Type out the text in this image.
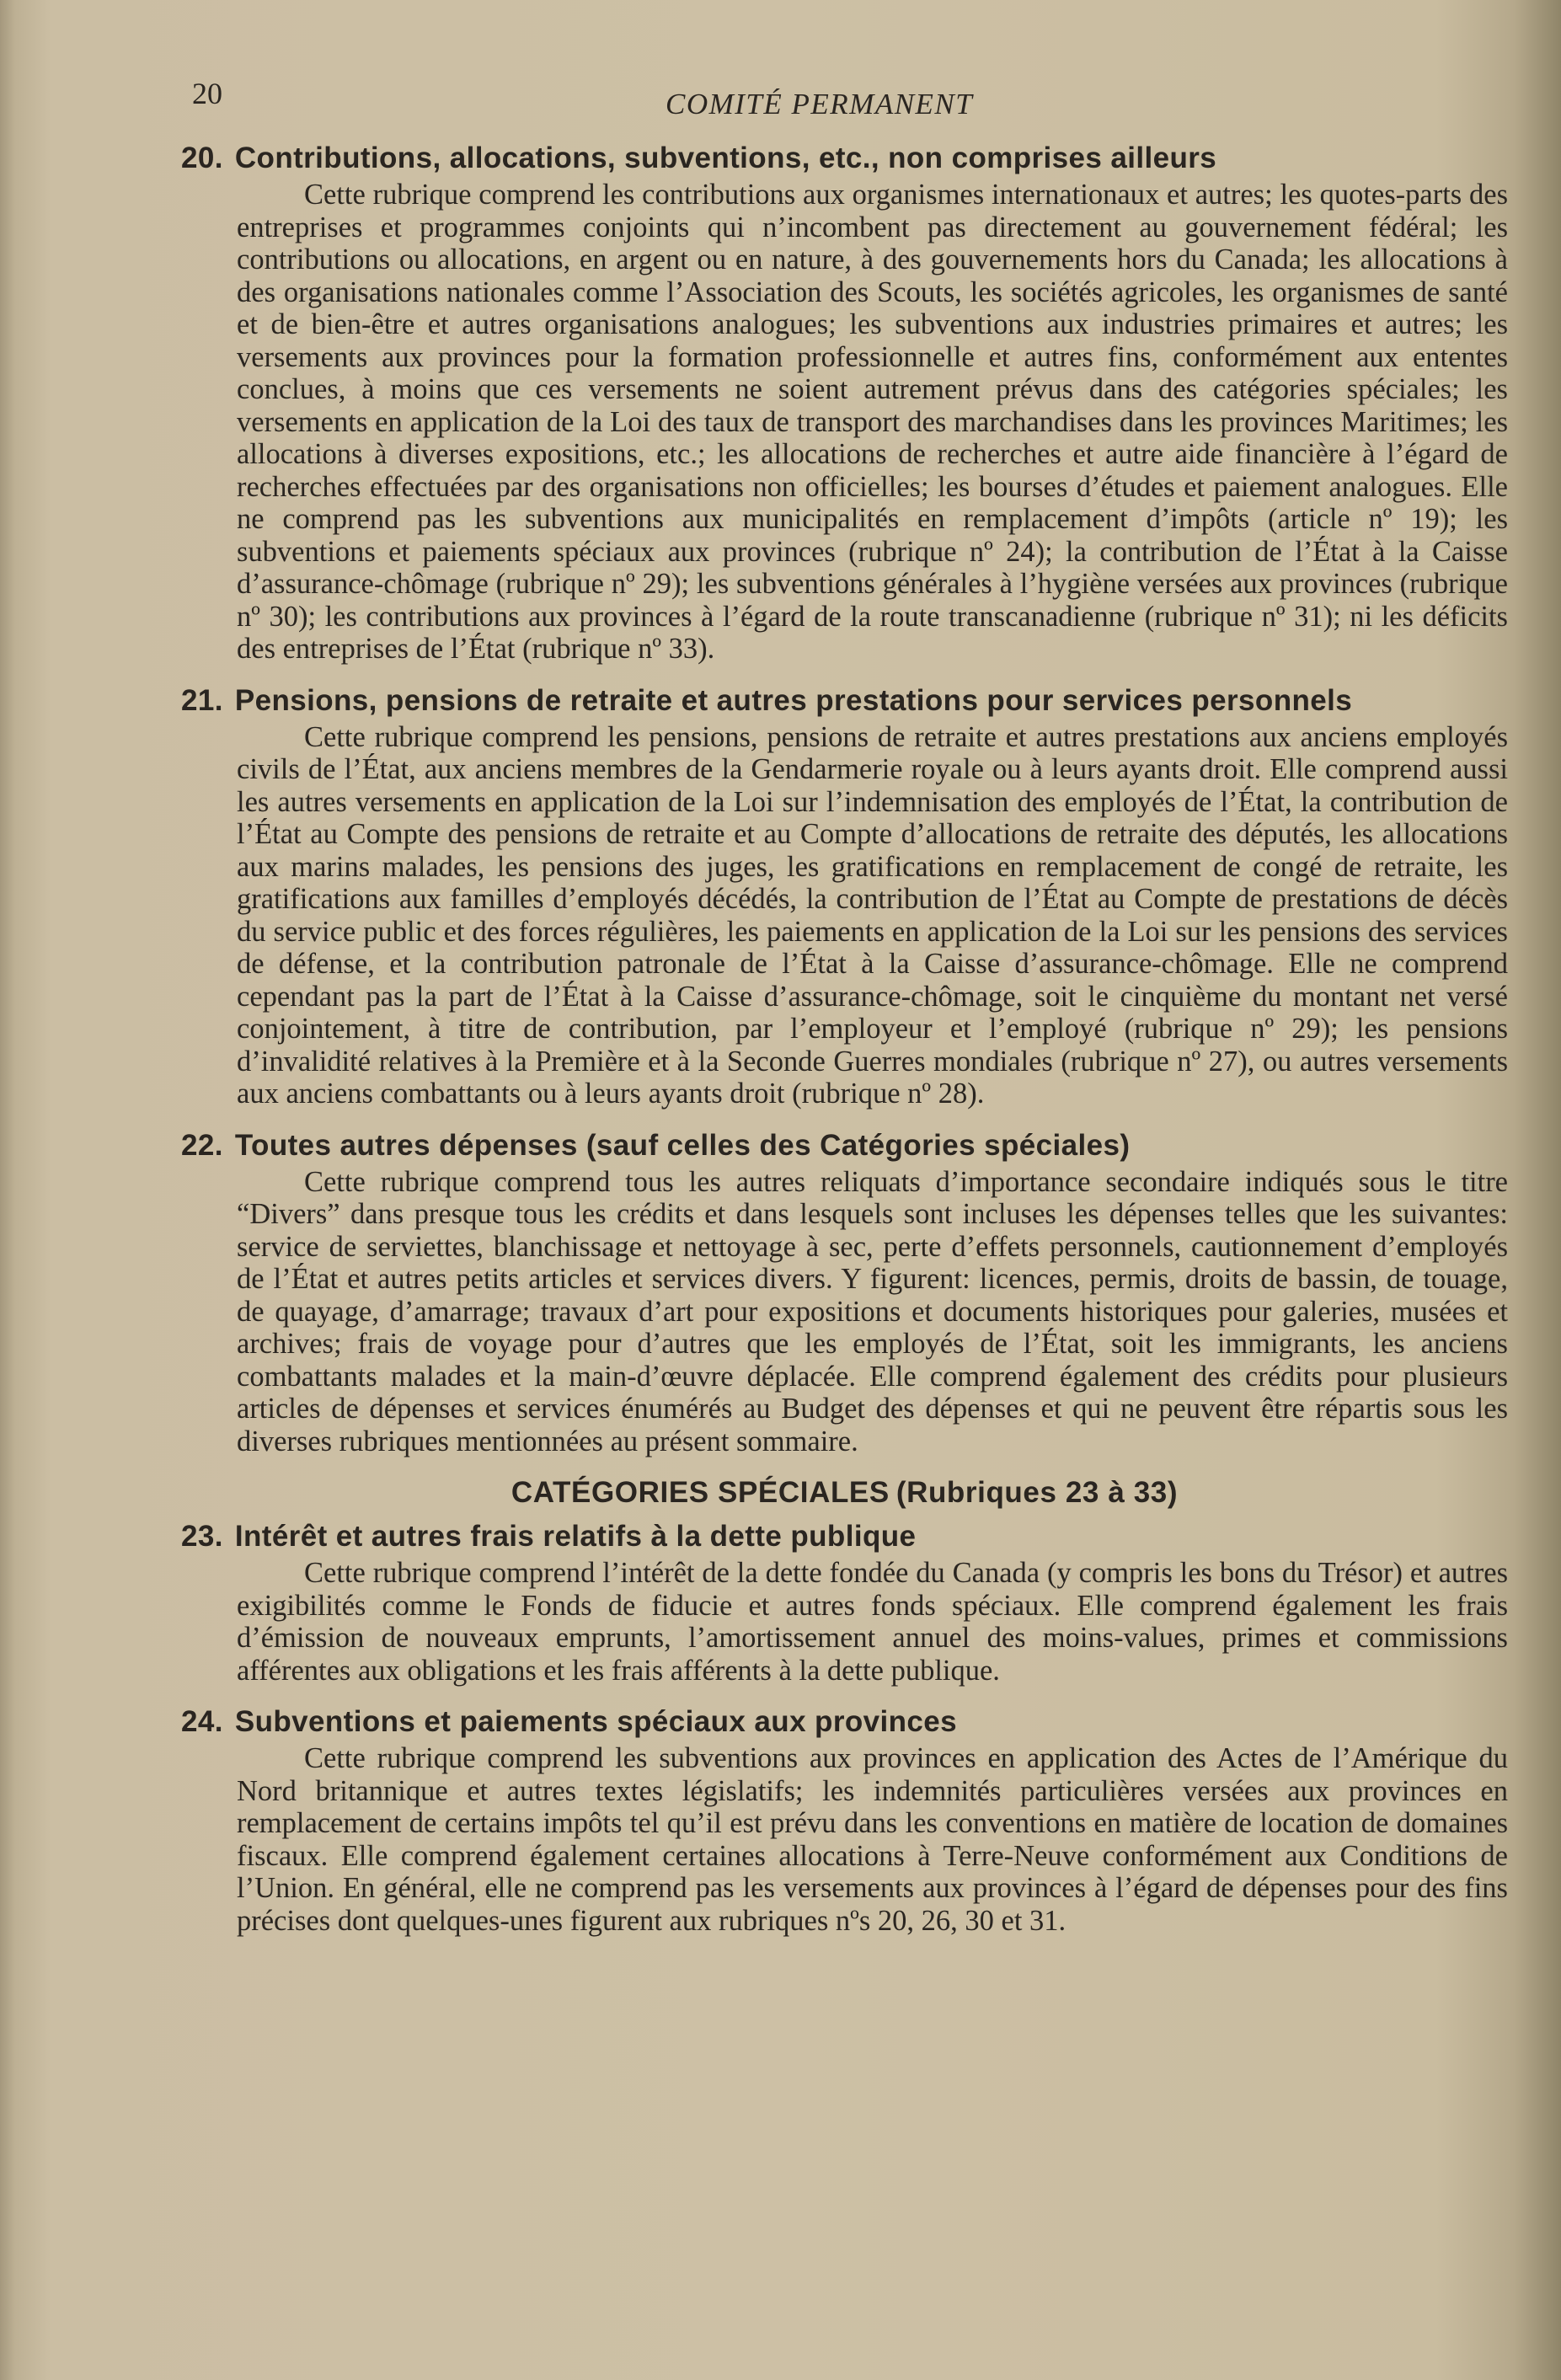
20	COMITÉ PERMANENT
20. Contributions, allocations, subventions, etc., non comprises ailleurs

Cette rubrique comprend les contributions aux organismes internationaux et autres; les quotes-parts des entreprises et programmes conjoints qui n’incombent pas directement au gouvernement fédéral; les contributions ou allocations, en argent ou en nature, à des gouvernements hors du Canada; les allocations à des organisations nationales comme l’Association des Scouts, les sociétés agricoles, les organismes de santé et de bien-être et autres organisations analogues; les subventions aux industries primaires et autres; les versements aux provinces pour la formation professionnelle et autres fins, conformément aux ententes conclues, à moins que ces versements ne soient autrement prévus dans des catégories spéciales; les versements en application de la Loi des taux de transport des marchandises dans les provinces Maritimes; les allocations à diverses expositions, etc.; les allocations de recherches et autre aide financière à l’égard de recherches effectuées par des organisations non officielles; les bourses d’études et paiement analogues. Elle ne comprend pas les subventions aux municipalités en remplacement d’impôts (article nº 19); les subventions et paiements spéciaux aux provinces (rubrique nº 24); la contribution de l’État à la Caisse d’assurance-chômage (rubrique nº 29); les subventions générales à l’hygiène versées aux provinces (rubrique nº 30); les contributions aux provinces à l’égard de la route transcanadienne (rubrique nº 31); ni les déficits des entreprises de l’État (rubrique nº 33).

21. Pensions, pensions de retraite et autres prestations pour services personnels

Cette rubrique comprend les pensions, pensions de retraite et autres prestations aux anciens employés civils de l’État, aux anciens membres de la Gendarmerie royale ou à leurs ayants droit. Elle comprend aussi les autres versements en application de la Loi sur l’indemnisation des employés de l’État, la contribution de l’État au Compte des pensions de retraite et au Compte d’allocations de retraite des députés, les allocations aux marins malades, les pensions des juges, les gratifications en remplacement de congé de retraite, les gratifications aux familles d’employés décédés, la contribution de l’État au Compte de prestations de décès du service public et des forces régulières, les paiements en application de la Loi sur les pensions des services de défense, et la contribution patronale de l’État à la Caisse d’assurance-chômage. Elle ne comprend cependant pas la part de l’État à la Caisse d’assurance-chômage, soit le cinquième du montant net versé conjointement, à titre de contribution, par l’employeur et l’employé (rubrique nº 29); les pensions d’invalidité relatives à la Première et à la Seconde Guerres mondiales (rubrique nº 27), ou autres versements aux anciens combattants ou à leurs ayants droit (rubrique nº 28).

22. Toutes autres dépenses (sauf celles des Catégories spéciales)

Cette rubrique comprend tous les autres reliquats d’importance secondaire indiqués sous le titre “Divers” dans presque tous les crédits et dans lesquels sont incluses les dépenses telles que les suivantes: service de serviettes, blanchissage et nettoyage à sec, perte d’effets personnels, cautionnement d’employés de l’État et autres petits articles et services divers. Y figurent: licences, permis, droits de bassin, de touage, de quayage, d’amarrage; travaux d’art pour expositions et documents historiques pour galeries, musées et archives; frais de voyage pour d’autres que les employés de l’État, soit les immigrants, les anciens combattants malades et la main-d’œuvre déplacée. Elle comprend également des crédits pour plusieurs articles de dépenses et services énumérés au Budget des dépenses et qui ne peuvent être répartis sous les diverses rubriques mentionnées au présent sommaire.

CATÉGORIES SPÉCIALES (Rubriques 23 à 33)
23. Intérêt et autres frais relatifs à la dette publique

Cette rubrique comprend l’intérêt de la dette fondée du Canada (y compris les bons du Trésor) et autres exigibilités comme le Fonds de fiducie et autres fonds spéciaux. Elle comprend également les frais d’émission de nouveaux emprunts, l’amortissement annuel des moins-values, primes et commissions afférentes aux obligations et les frais afférents à la dette publique.

24. Subventions et paiements spéciaux aux provinces

Cette rubrique comprend les subventions aux provinces en application des Actes de l’Amérique du Nord britannique et autres textes législatifs; les indemnités particulières versées aux provinces en remplacement de certains impôts tel qu’il est prévu dans les conventions en matière de location de domaines fiscaux. Elle comprend également certaines allocations à Terre-Neuve conformément aux Conditions de l’Union. En général, elle ne comprend pas les versements aux provinces à l’égard de dépenses pour des fins précises dont quelques-unes figurent aux rubriques nºs 20, 26, 30 et 31.
